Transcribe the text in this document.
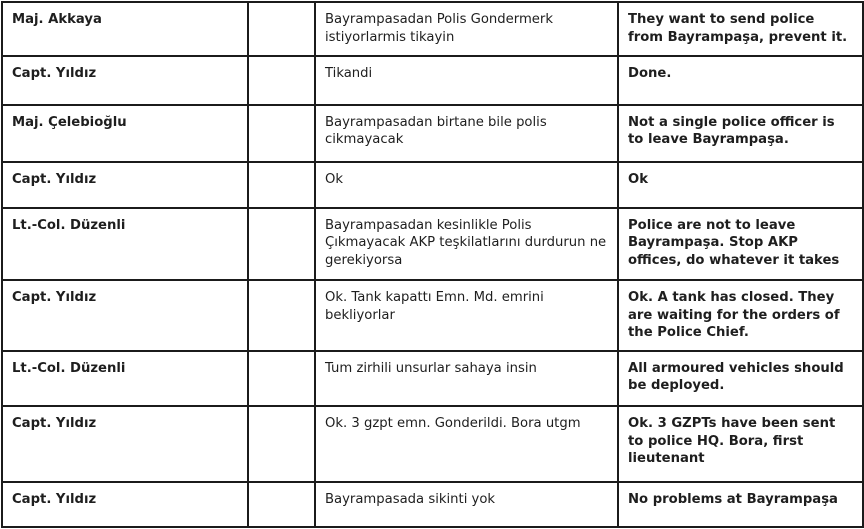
Maj. Akkaya		Bayrampasadan Polis Gondermerk istiyorlarmis tikayin	They want to send police from Bayrampaşa, prevent it.
Capt. Yıldız		Tikandi	Done.
Maj. Çelebioğlu		Bayrampasadan birtane bile polis cikmayacak	Not a single police officer is to leave Bayrampaşa.
Capt. Yıldız		Ok	Ok
Lt.-Col. Düzenli		Bayrampasadan kesinlikle Polis Çıkmayacak AKP teşkilatlarını durdurun ne gerekiyorsa	Police are not to leave Bayrampaşa. Stop AKP offices, do whatever it takes
Capt. Yıldız		Ok. Tank kapattı Emn. Md. emrini bekliyorlar	Ok. A tank has closed. They are waiting for the orders of the Police Chief.
Lt.-Col. Düzenli		Tum zirhili unsurlar sahaya insin	All armoured vehicles should be deployed.
Capt. Yıldız		Ok. 3 gzpt emn. Gonderildi. Bora utgm	Ok. 3 GZPTs have been sent to police HQ. Bora, first lieutenant
Capt. Yıldız		Bayrampasada sikinti yok	No problems at Bayrampaşa
